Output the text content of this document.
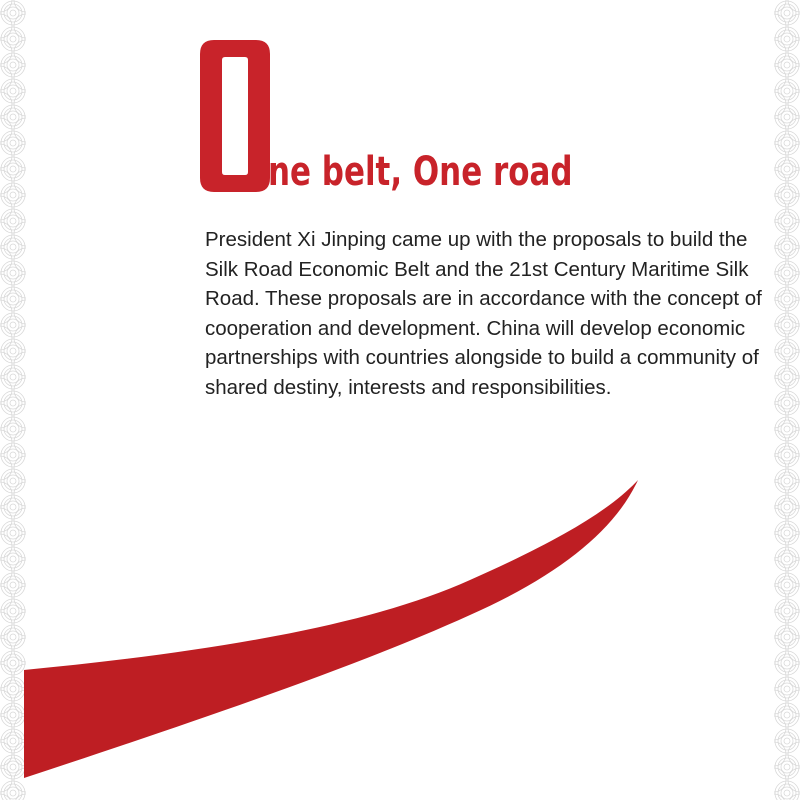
ne belt, One road

President Xi Jinping came up with the proposals to build the Silk Road Economic Belt and the 21st Century Maritime Silk Road. These proposals are in accordance with the concept of cooperation and development. China will develop economic partnerships with countries alongside to build a community of shared destiny, interests and responsibilities.
